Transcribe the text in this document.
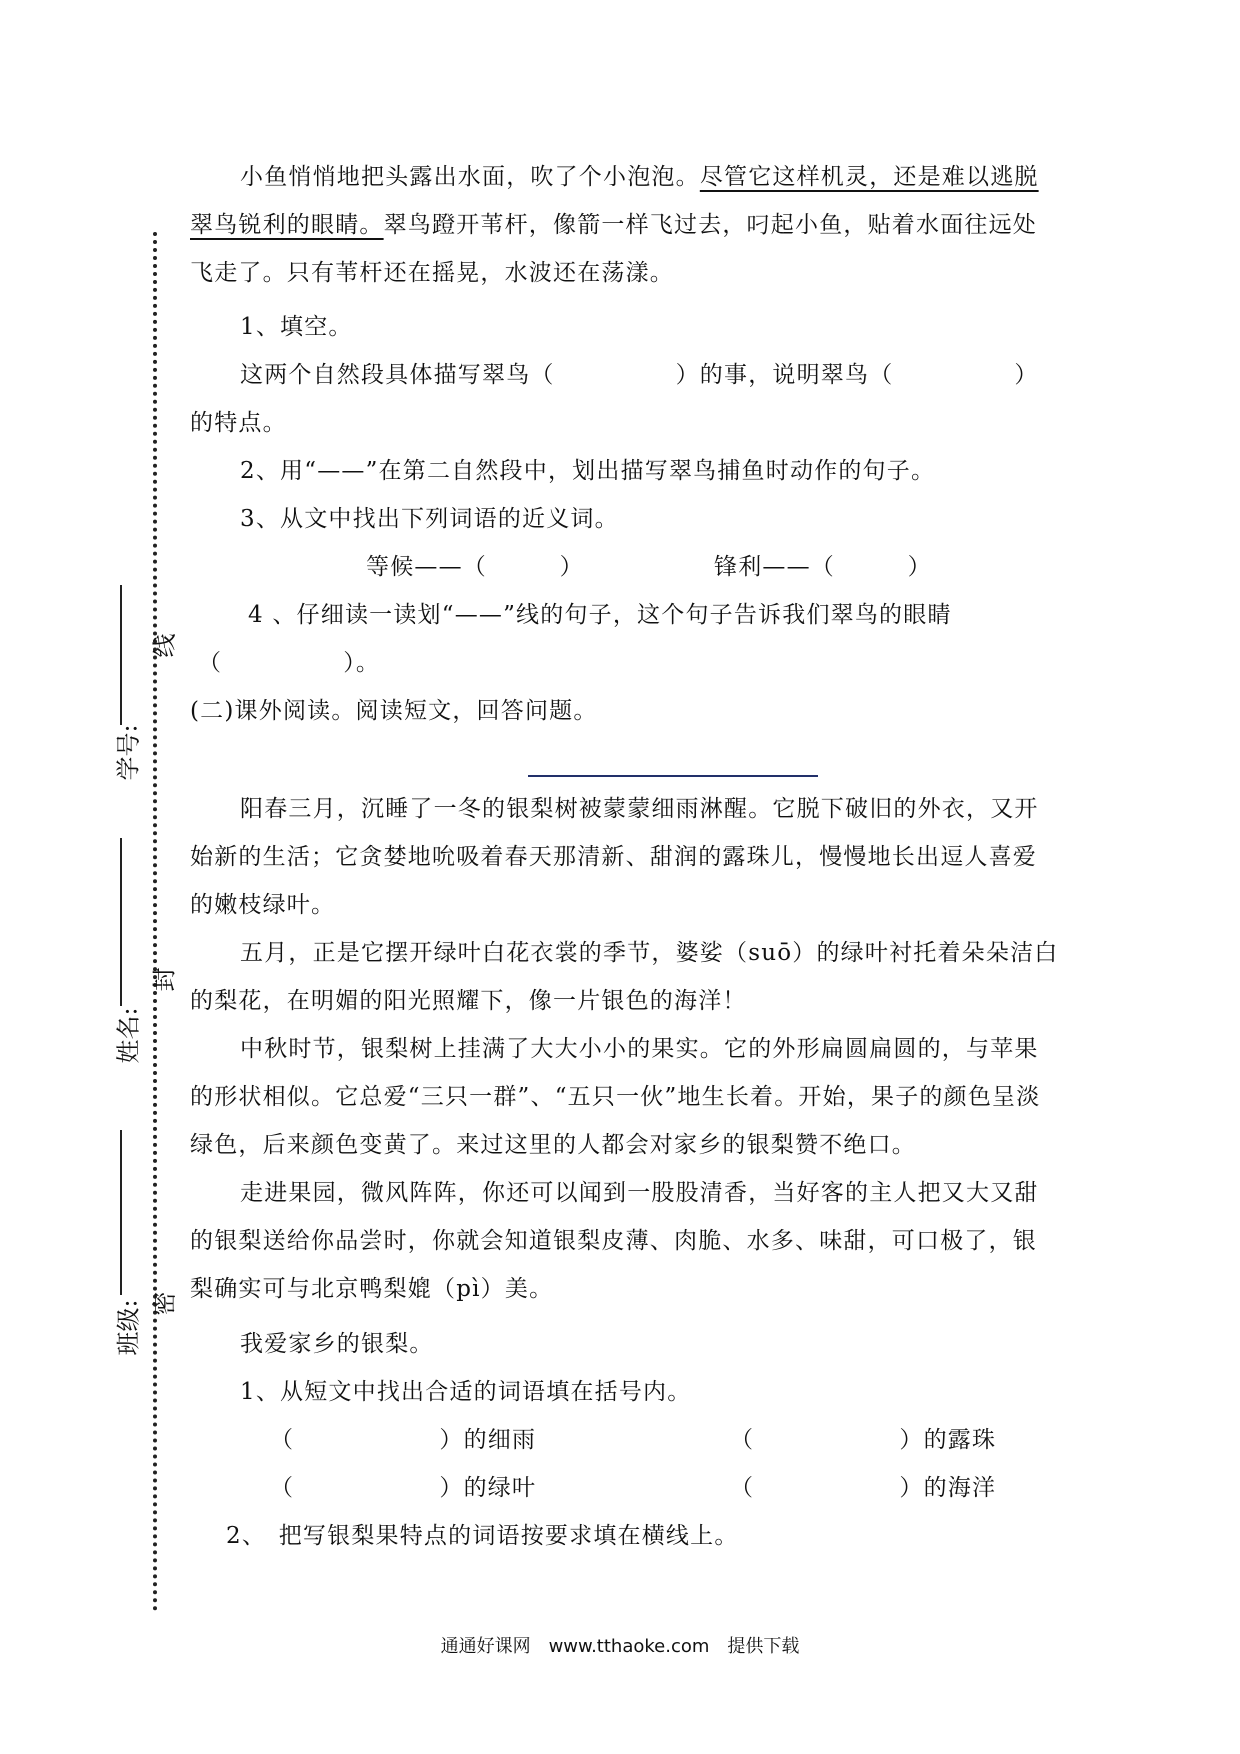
学号:
线
姓名:
封
班级: 密
小鱼悄悄地把头露出水面，吹了个小泡泡。尽管它这样机灵，还是难以逃脱翠鸟锐利的眼睛。翠鸟蹬开苇杆，像箭一样飞过去，叼起小鱼，贴着水面往远处飞走了。只有苇杆还在摇晃，水波还在荡漾。
1、填空。
这两个自然段具体描写翠鸟（　　　　　）的事，说明翠鸟（　　　　　）
的特点。
2、用“——”在第二自然段中，划出描写翠鸟捕鱼时动作的句子。
3、从文中找出下列词语的近义词。
等候——（　　　）	锋利——（　　　）
4 、仔细读一读划“——”线的句子，这个句子告诉我们翠鸟的眼睛
（　　　　　）。
(二)课外阅读。阅读短文，回答问题。
阳春三月，沉睡了一冬的银梨树被蒙蒙细雨淋醒。它脱下破旧的外衣，又开始新的生活；它贪婪地吮吸着春天那清新、甜润的露珠儿，慢慢地长出逗人喜爱的嫩枝绿叶。
五月，正是它摆开绿叶白花衣裳的季节，婆娑（suō）的绿叶衬托着朵朵洁白的梨花，在明媚的阳光照耀下，像一片银色的海洋！
中秋时节，银梨树上挂满了大大小小的果实。它的外形扁圆扁圆的，与苹果的形状相似。它总爱“三只一群”、“五只一伙”地生长着。开始，果子的颜色呈淡绿色，后来颜色变黄了。来过这里的人都会对家乡的银梨赞不绝口。
走进果园，微风阵阵，你还可以闻到一股股清香，当好客的主人把又大又甜的银梨送给你品尝时，你就会知道银梨皮薄、肉脆、水多、味甜，可口极了，银梨确实可与北京鸭梨媲（pì）美。
我爱家乡的银梨。
1、从短文中找出合适的词语填在括号内。
（　　　　　　）的细雨	（　　　　　　）的露珠
（　　　　　　）的绿叶	（　　　　　　）的海洋
2、　把写银梨果特点的词语按要求填在横线上。
通通好课网　www.tthaoke.com　提供下载
